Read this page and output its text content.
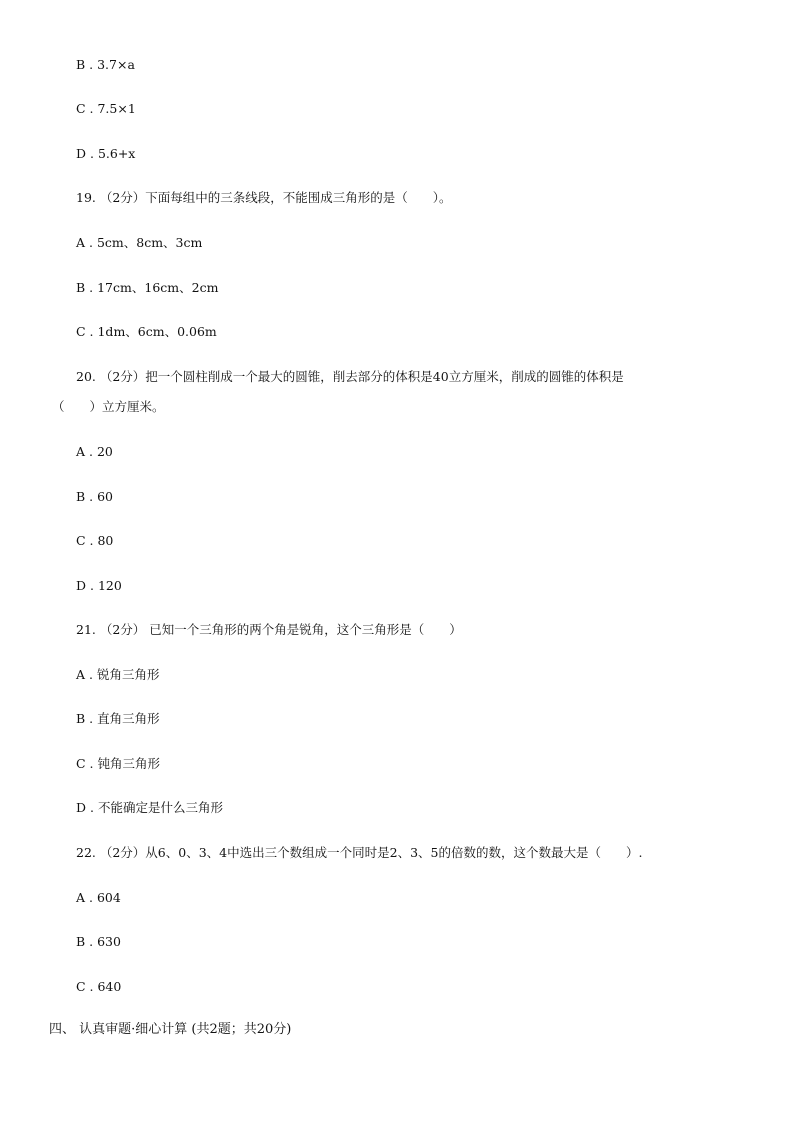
B . 3.7×a
C . 7.5×1
D . 5.6+x
19. （2分）下面每组中的三条线段，不能围成三角形的是（　　）。
A . 5cm、8cm、3cm
B . 17cm、16cm、2cm
C . 1dm、6cm、0.06m
20. （2分）把一个圆柱削成一个最大的圆锥，削去部分的体积是40立方厘米，削成的圆锥的体积是
（　　）立方厘米。
A . 20
B . 60
C . 80
D . 120
21. （2分） 已知一个三角形的两个角是锐角，这个三角形是（　　）
A . 锐角三角形
B . 直角三角形
C . 钝角三角形
D . 不能确定是什么三角形
22. （2分）从6、0、3、4中选出三个数组成一个同时是2、3、5的倍数的数，这个数最大是（　　）.
A . 604
B . 630
C . 640
四、 认真审题·细心计算 (共2题；共20分)
